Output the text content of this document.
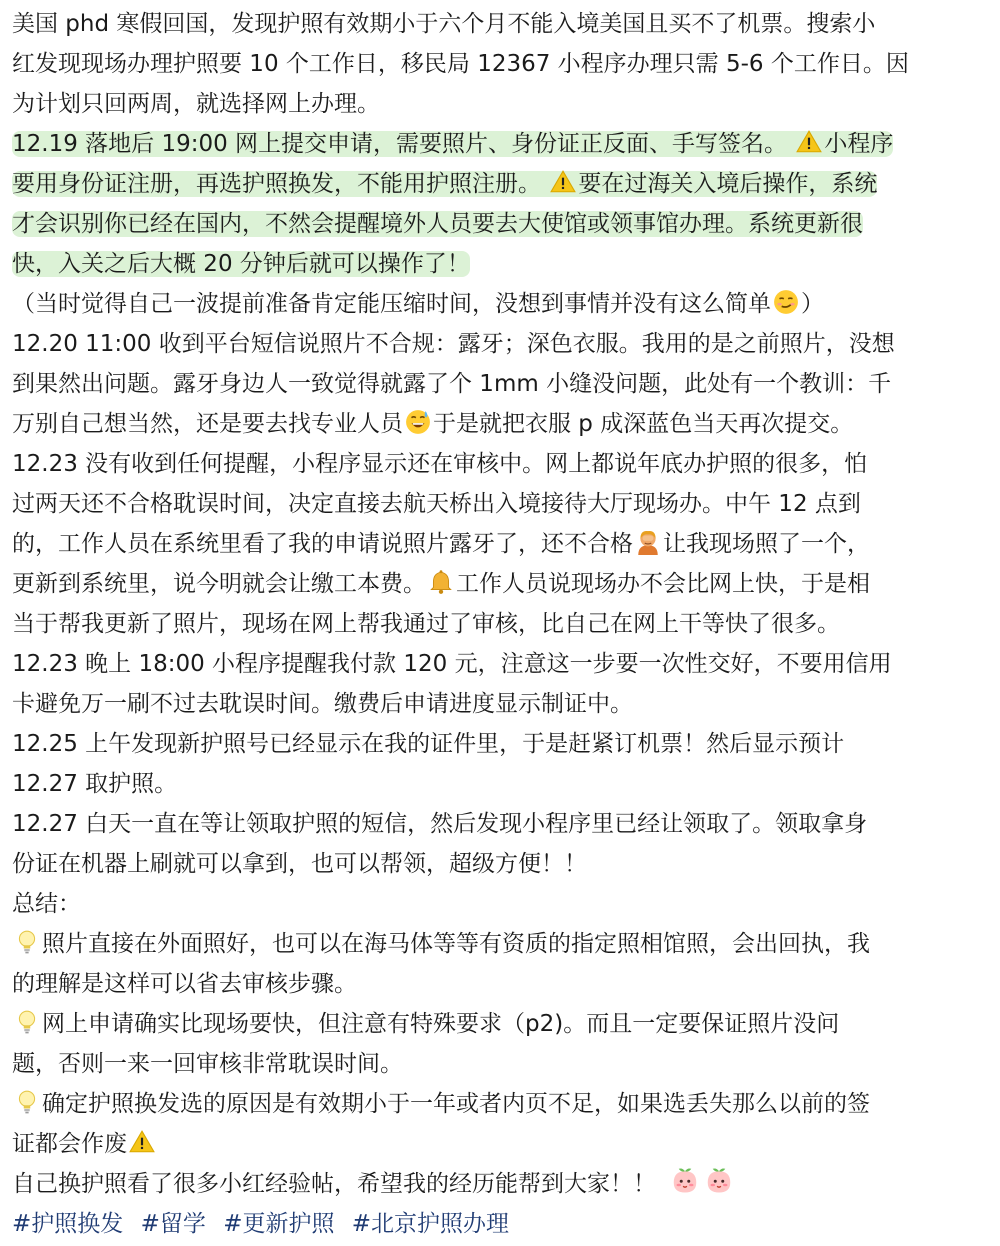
美国 phd 寒假回国，发现护照有效期小于六个月不能入境美国且买不了机票。搜索小
红发现现场办理护照要 10 个工作日，移民局 12367 小程序办理只需 5-6 个工作日。因
为计划只回两周，就选择网上办理。
12.19 落地后 19:00 网上提交申请，需要照片、身份证正反面、手写签名。 小程序
要用身份证注册，再选护照换发，不能用护照注册。 要在过海关入境后操作，系统
才会识别你已经在国内，不然会提醒境外人员要去大使馆或领事馆办理。系统更新很
快，入关之后大概 20 分钟后就可以操作了！
（当时觉得自己一波提前准备肯定能压缩时间，没想到事情并没有这么简单 ）
12.20 11:00 收到平台短信说照片不合规：露牙；深色衣服。我用的是之前照片，没想
到果然出问题。露牙身边人一致觉得就露了个 1mm 小缝没问题，此处有一个教训：千
万别自己想当然，还是要去找专业人员 于是就把衣服 p 成深蓝色当天再次提交。
12.23 没有收到任何提醒，小程序显示还在审核中。网上都说年底办护照的很多，怕
过两天还不合格耽误时间，决定直接去航天桥出入境接待大厅现场办。中午 12 点到
的，工作人员在系统里看了我的申请说照片露牙了，还不合格 让我现场照了一个，
更新到系统里，说今明就会让缴工本费。 工作人员说现场办不会比网上快，于是相
当于帮我更新了照片，现场在网上帮我通过了审核，比自己在网上干等快了很多。
12.23 晚上 18:00 小程序提醒我付款 120 元，注意这一步要一次性交好，不要用信用
卡避免万一刷不过去耽误时间。缴费后申请进度显示制证中。
12.25 上午发现新护照号已经显示在我的证件里，于是赶紧订机票！然后显示预计
12.27 取护照。
12.27 白天一直在等让领取护照的短信，然后发现小程序里已经让领取了。领取拿身
份证在机器上刷就可以拿到，也可以帮领，超级方便！！
总结：
照片直接在外面照好，也可以在海马体等等有资质的指定照相馆照，会出回执，我
的理解是这样可以省去审核步骤。
网上申请确实比现场要快，但注意有特殊要求（p2)。而且一定要保证照片没问
题，否则一来一回审核非常耽误时间。
确定护照换发选的原因是有效期小于一年或者内页不足，如果选丢失那么以前的签
证都会作废
自己换护照看了很多小红经验帖，希望我的经历能帮到大家！！
#护照换发 #留学 #更新护照 #北京护照办理
